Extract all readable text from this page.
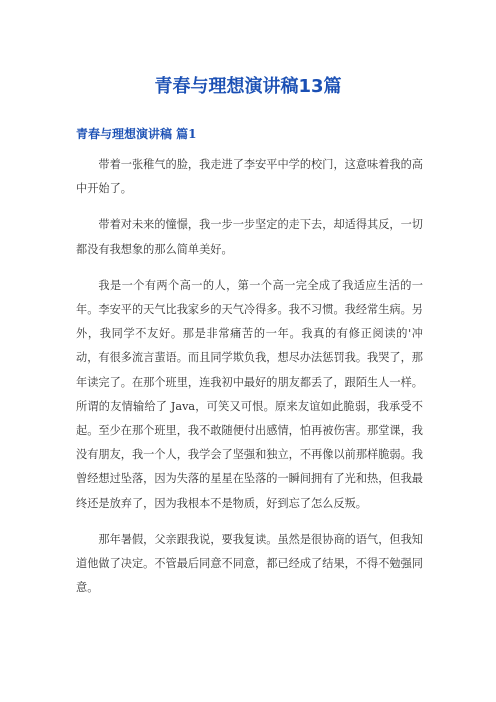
青春与理想演讲稿13篇
青春与理想演讲稿 篇1

带着一张稚气的脸，我走进了李安平中学的校门，这意味着我的高中开始了。

带着对未来的憧憬，我一步一步坚定的走下去，却适得其反，一切都没有我想象的那么简单美好。

我是一个有两个高一的人，第一个高一完全成了我适应生活的一年。李安平的天气比我家乡的天气冷得多。我不习惯。我经常生病。另外，我同学不友好。那是非常痛苦的一年。我真的有修正阅读的'冲动，有很多流言蜚语。而且同学欺负我，想尽办法惩罚我。我哭了，那年读完了。在那个班里，连我初中最好的朋友都丢了，跟陌生人一样。所谓的友情输给了 Java，可笑又可恨。原来友谊如此脆弱，我承受不起。至少在那个班里，我不敢随便付出感情，怕再被伤害。那堂课，我没有朋友，我一个人，我学会了坚强和独立，不再像以前那样脆弱。我曾经想过坠落，因为失落的星星在坠落的一瞬间拥有了光和热，但我最终还是放弃了，因为我根本不是物质，好到忘了怎么反叛。

那年暑假，父亲跟我说，要我复读。虽然是很协商的语气，但我知道他做了决定。不管最后同意不同意，都已经成了结果，不得不勉强同意。
